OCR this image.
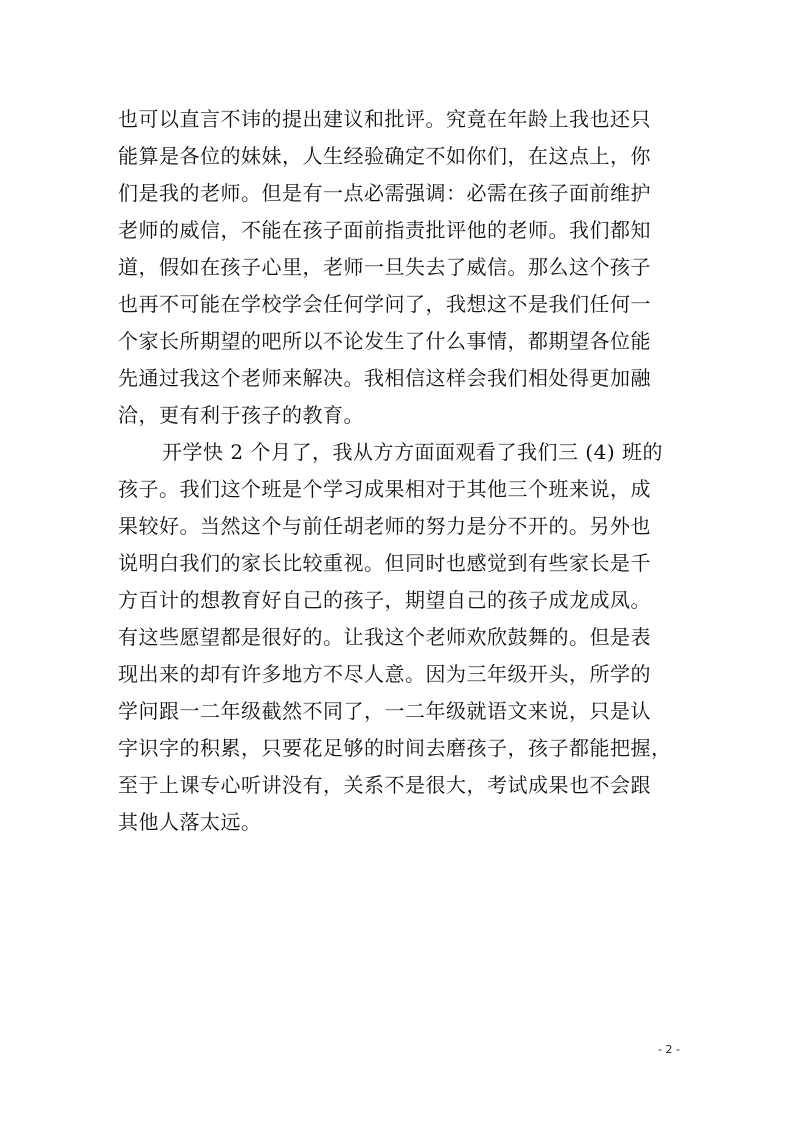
也可以直言不讳的提出建议和批评。究竟在年龄上我也还只
能算是各位的妹妹，人生经验确定不如你们，在这点上，你
们是我的老师。但是有一点必需强调：必需在孩子面前维护
老师的威信，不能在孩子面前指责批评他的老师。我们都知
道，假如在孩子心里，老师一旦失去了威信。那么这个孩子
也再不可能在学校学会任何学问了，我想这不是我们任何一
个家长所期望的吧所以不论发生了什么事情，都期望各位能
先通过我这个老师来解决。我相信这样会我们相处得更加融
洽，更有利于孩子的教育。
开学快 2 个月了，我从方方面面观看了我们三 (4) 班的
孩子。我们这个班是个学习成果相对于其他三个班来说，成
果较好。当然这个与前任胡老师的努力是分不开的。另外也
说明白我们的家长比较重视。但同时也感觉到有些家长是千
方百计的想教育好自己的孩子，期望自己的孩子成龙成凤。
有这些愿望都是很好的。让我这个老师欢欣鼓舞的。但是表
现出来的却有许多地方不尽人意。因为三年级开头，所学的
学问跟一二年级截然不同了，一二年级就语文来说，只是认
字识字的积累，只要花足够的时间去磨孩子，孩子都能把握，
至于上课专心听讲没有，关系不是很大，考试成果也不会跟
其他人落太远。
- 2 -
